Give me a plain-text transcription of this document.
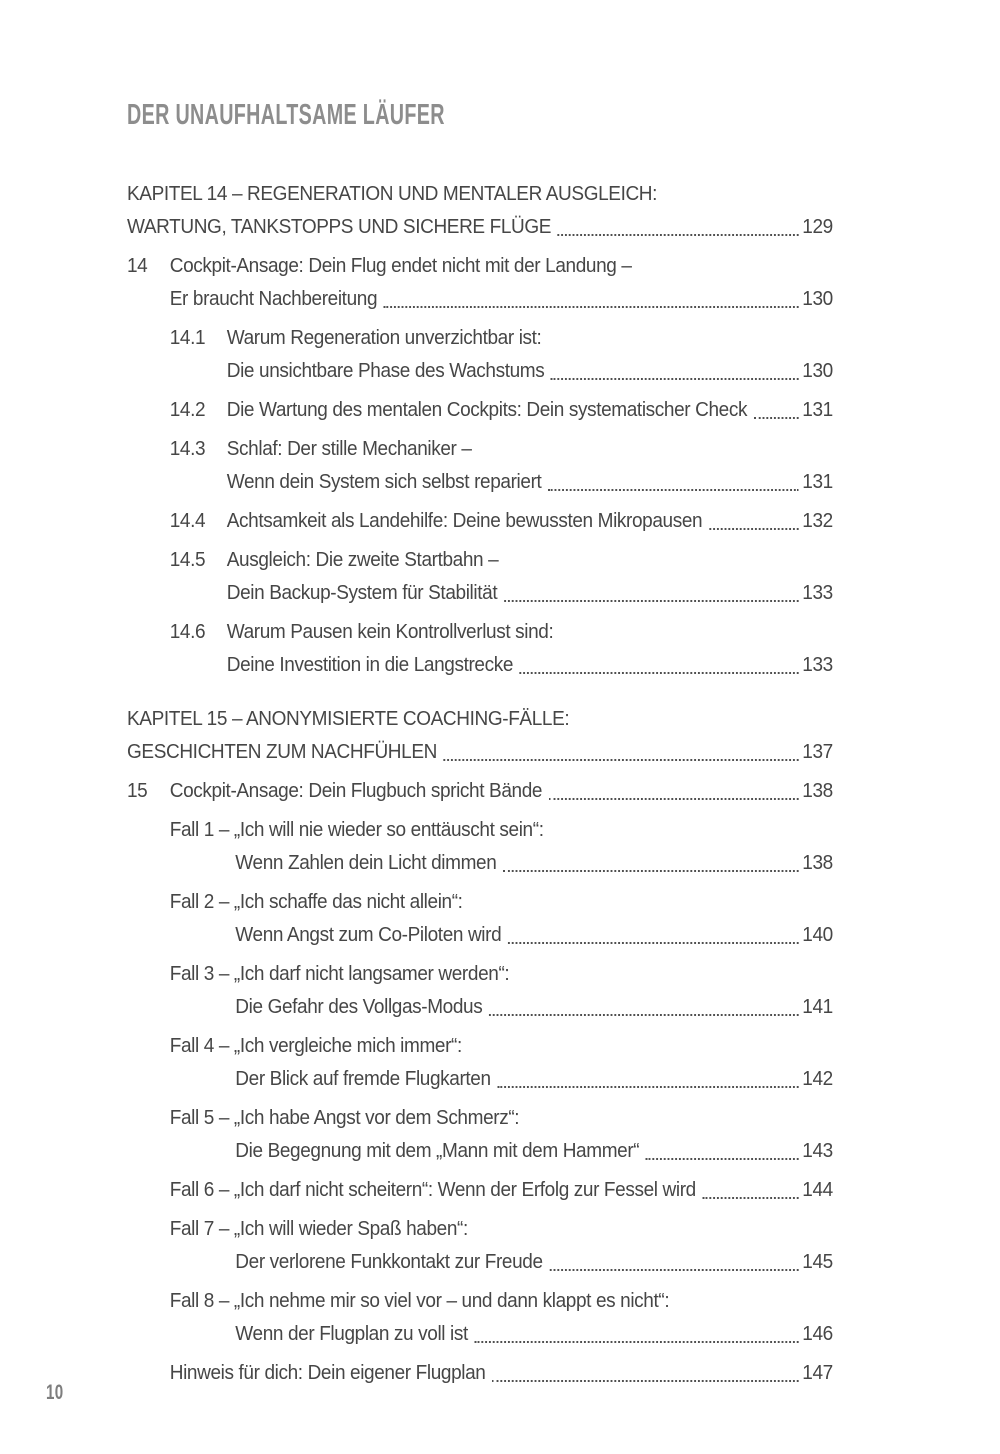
DER UNAUFHALTSAME LÄUFER
KAPITEL 14 – REGENERATION UND MENTALER AUSGLEICH:
WARTUNG, TANKSTOPPS UND SICHERE FLÜGE	129
14 Cockpit-Ansage: Dein Flug endet nicht mit der Landung –
Er braucht Nachbereitung	130
14.1 Warum Regeneration unverzichtbar ist:
Die unsichtbare Phase des Wachstums	130
14.2 Die Wartung des mentalen Cockpits: Dein systematischer Check	131
14.3 Schlaf: Der stille Mechaniker –
Wenn dein System sich selbst repariert	131
14.4 Achtsamkeit als Landehilfe: Deine bewussten Mikropausen	132
14.5 Ausgleich: Die zweite Startbahn –
Dein Backup-System für Stabilität	133
14.6 Warum Pausen kein Kontrollverlust sind:
Deine Investition in die Langstrecke	133
KAPITEL 15 – ANONYMISIERTE COACHING-FÄLLE:
GESCHICHTEN ZUM NACHFÜHLEN	137
15 Cockpit-Ansage: Dein Flugbuch spricht Bände	138
Fall 1 – „Ich will nie wieder so enttäuscht sein“:
Wenn Zahlen dein Licht dimmen	138
Fall 2 – „Ich schaffe das nicht allein“:
Wenn Angst zum Co-Piloten wird	140
Fall 3 – „Ich darf nicht langsamer werden“:
Die Gefahr des Vollgas-Modus	141
Fall 4 – „Ich vergleiche mich immer“:
Der Blick auf fremde Flugkarten	142
Fall 5 – „Ich habe Angst vor dem Schmerz“:
Die Begegnung mit dem „Mann mit dem Hammer“	143
Fall 6 – „Ich darf nicht scheitern“: Wenn der Erfolg zur Fessel wird	144
Fall 7 – „Ich will wieder Spaß haben“:
Der verlorene Funkkontakt zur Freude	145
Fall 8 – „Ich nehme mir so viel vor – und dann klappt es nicht“:
Wenn der Flugplan zu voll ist	146
Hinweis für dich: Dein eigener Flugplan	147
10
